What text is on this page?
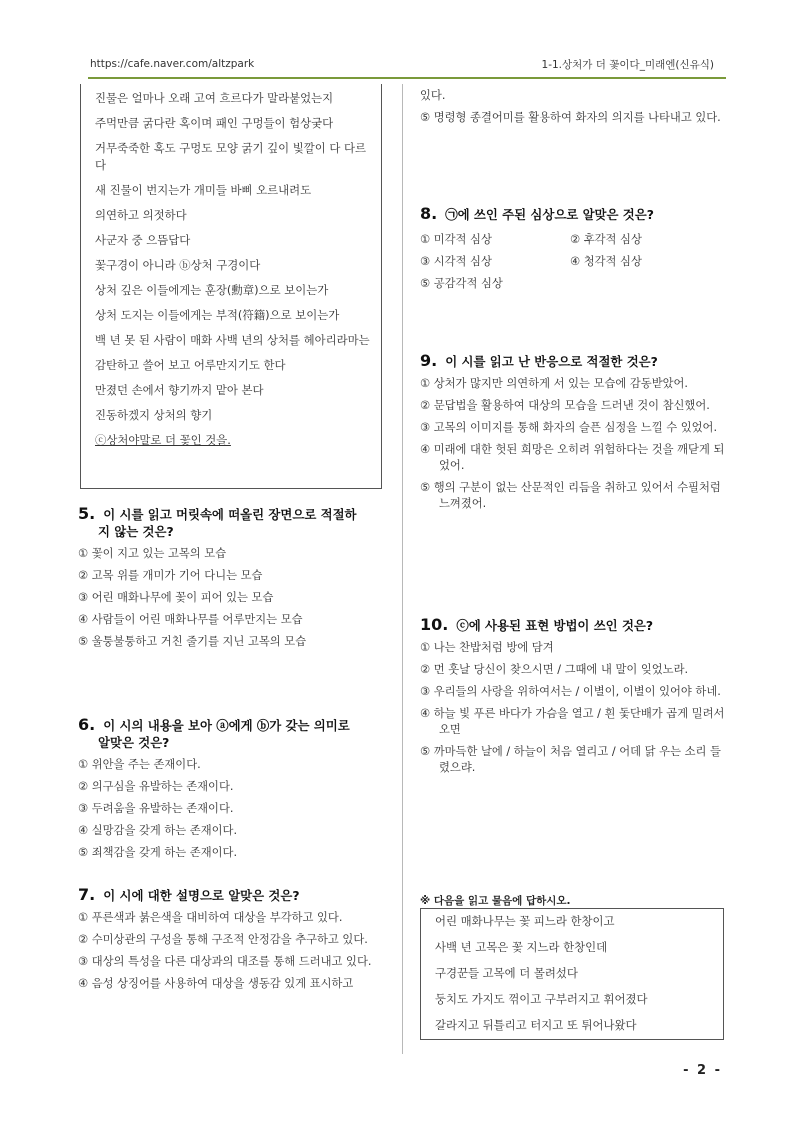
https://cafe.naver.com/altzpark	1-1.상처가 더 꽃이다_미래엔(신유식)
진물은 얼마나 오래 고여 흐르다가 말라붙었는지
주먹만큼 굵다란 혹이며 패인 구멍들이 험상궂다
거무죽죽한 혹도 구멍도 모양 굵기 깊이 빛깔이 다 다르다
새 진물이 번지는가 개미들 바삐 오르내려도
의연하고 의젓하다
사군자 중 으뜸답다
꽃구경이 아니라 ⓑ상처 구경이다
상처 깊은 이들에게는 훈장(勳章)으로 보이는가
상처 도지는 이들에게는 부적(符籍)으로 보이는가
백 년 못 된 사람이 매화 사백 년의 상처를 헤아리라마는
감탄하고 쓸어 보고 어루만지기도 한다
만졌던 손에서 향기까지 맡아 본다
진동하겠지 상처의 향기
ⓒ상처야말로 더 꽃인 것을.
5. 이 시를 읽고 머릿속에 떠올린 장면으로 적절하
지 않는 것은?
① 꽃이 지고 있는 고목의 모습
② 고목 위를 개미가 기어 다니는 모습
③ 어린 매화나무에 꽃이 피어 있는 모습
④ 사람들이 어린 매화나무를 어루만지는 모습
⑤ 울퉁불퉁하고 거친 줄기를 지닌 고목의 모습
6. 이 시의 내용을 보아 ⓐ에게 ⓑ가 갖는 의미로
알맞은 것은?
① 위안을 주는 존재이다.
② 의구심을 유발하는 존재이다.
③ 두려움을 유발하는 존재이다.
④ 실망감을 갖게 하는 존재이다.
⑤ 죄책감을 갖게 하는 존재이다.
7. 이 시에 대한 설명으로 알맞은 것은?
① 푸른색과 붉은색을 대비하여 대상을 부각하고 있다.
② 수미상관의 구성을 통해 구조적 안정감을 추구하고 있다.
③ 대상의 특성을 다른 대상과의 대조를 통해 드러내고 있다.
④ 음성 상징어를 사용하여 대상을 생동감 있게 표시하고
있다.
⑤ 명령형 종결어미를 활용하여 화자의 의지를 나타내고 있다.
8. ㉠에 쓰인 주된 심상으로 알맞은 것은?
① 미각적 심상	② 후각적 심상
③ 시각적 심상	④ 청각적 심상
⑤ 공감각적 심상
9. 이 시를 읽고 난 반응으로 적절한 것은?
① 상처가 많지만 의연하게 서 있는 모습에 감동받았어.
② 문답법을 활용하여 대상의 모습을 드러낸 것이 참신했어.
③ 고목의 이미지를 통해 화자의 슬픈 심정을 느낄 수 있었어.
④ 미래에 대한 헛된 희망은 오히려 위험하다는 것을 깨닫게 되었어.
⑤ 행의 구분이 없는 산문적인 리듬을 취하고 있어서 수필처럼 느껴졌어.
10. ⓒ에 사용된 표현 방법이 쓰인 것은?
① 나는 찬밥처럼 방에 담겨
② 먼 훗날 당신이 찾으시면 / 그때에 내 말이 잊었노라.
③ 우리들의 사랑을 위하여서는 / 이별이, 이별이 있어야 하네.
④ 하늘 빛 푸른 바다가 가슴을 열고 / 흰 돛단배가 곱게 밀려서 오면
⑤ 까마득한 날에 / 하늘이 처음 열리고 / 어데 닭 우는 소리 들렸으랴.
※ 다음을 읽고 물음에 답하시오.
어린 매화나무는 꽃 피느라 한창이고
사백 년 고목은 꽃 지느라 한창인데
구경꾼들 고목에 더 몰려섰다
둥치도 가지도 꺾이고 구부러지고 휘어졌다
갈라지고 뒤틀리고 터지고 또 튀어나왔다
- 2 -
